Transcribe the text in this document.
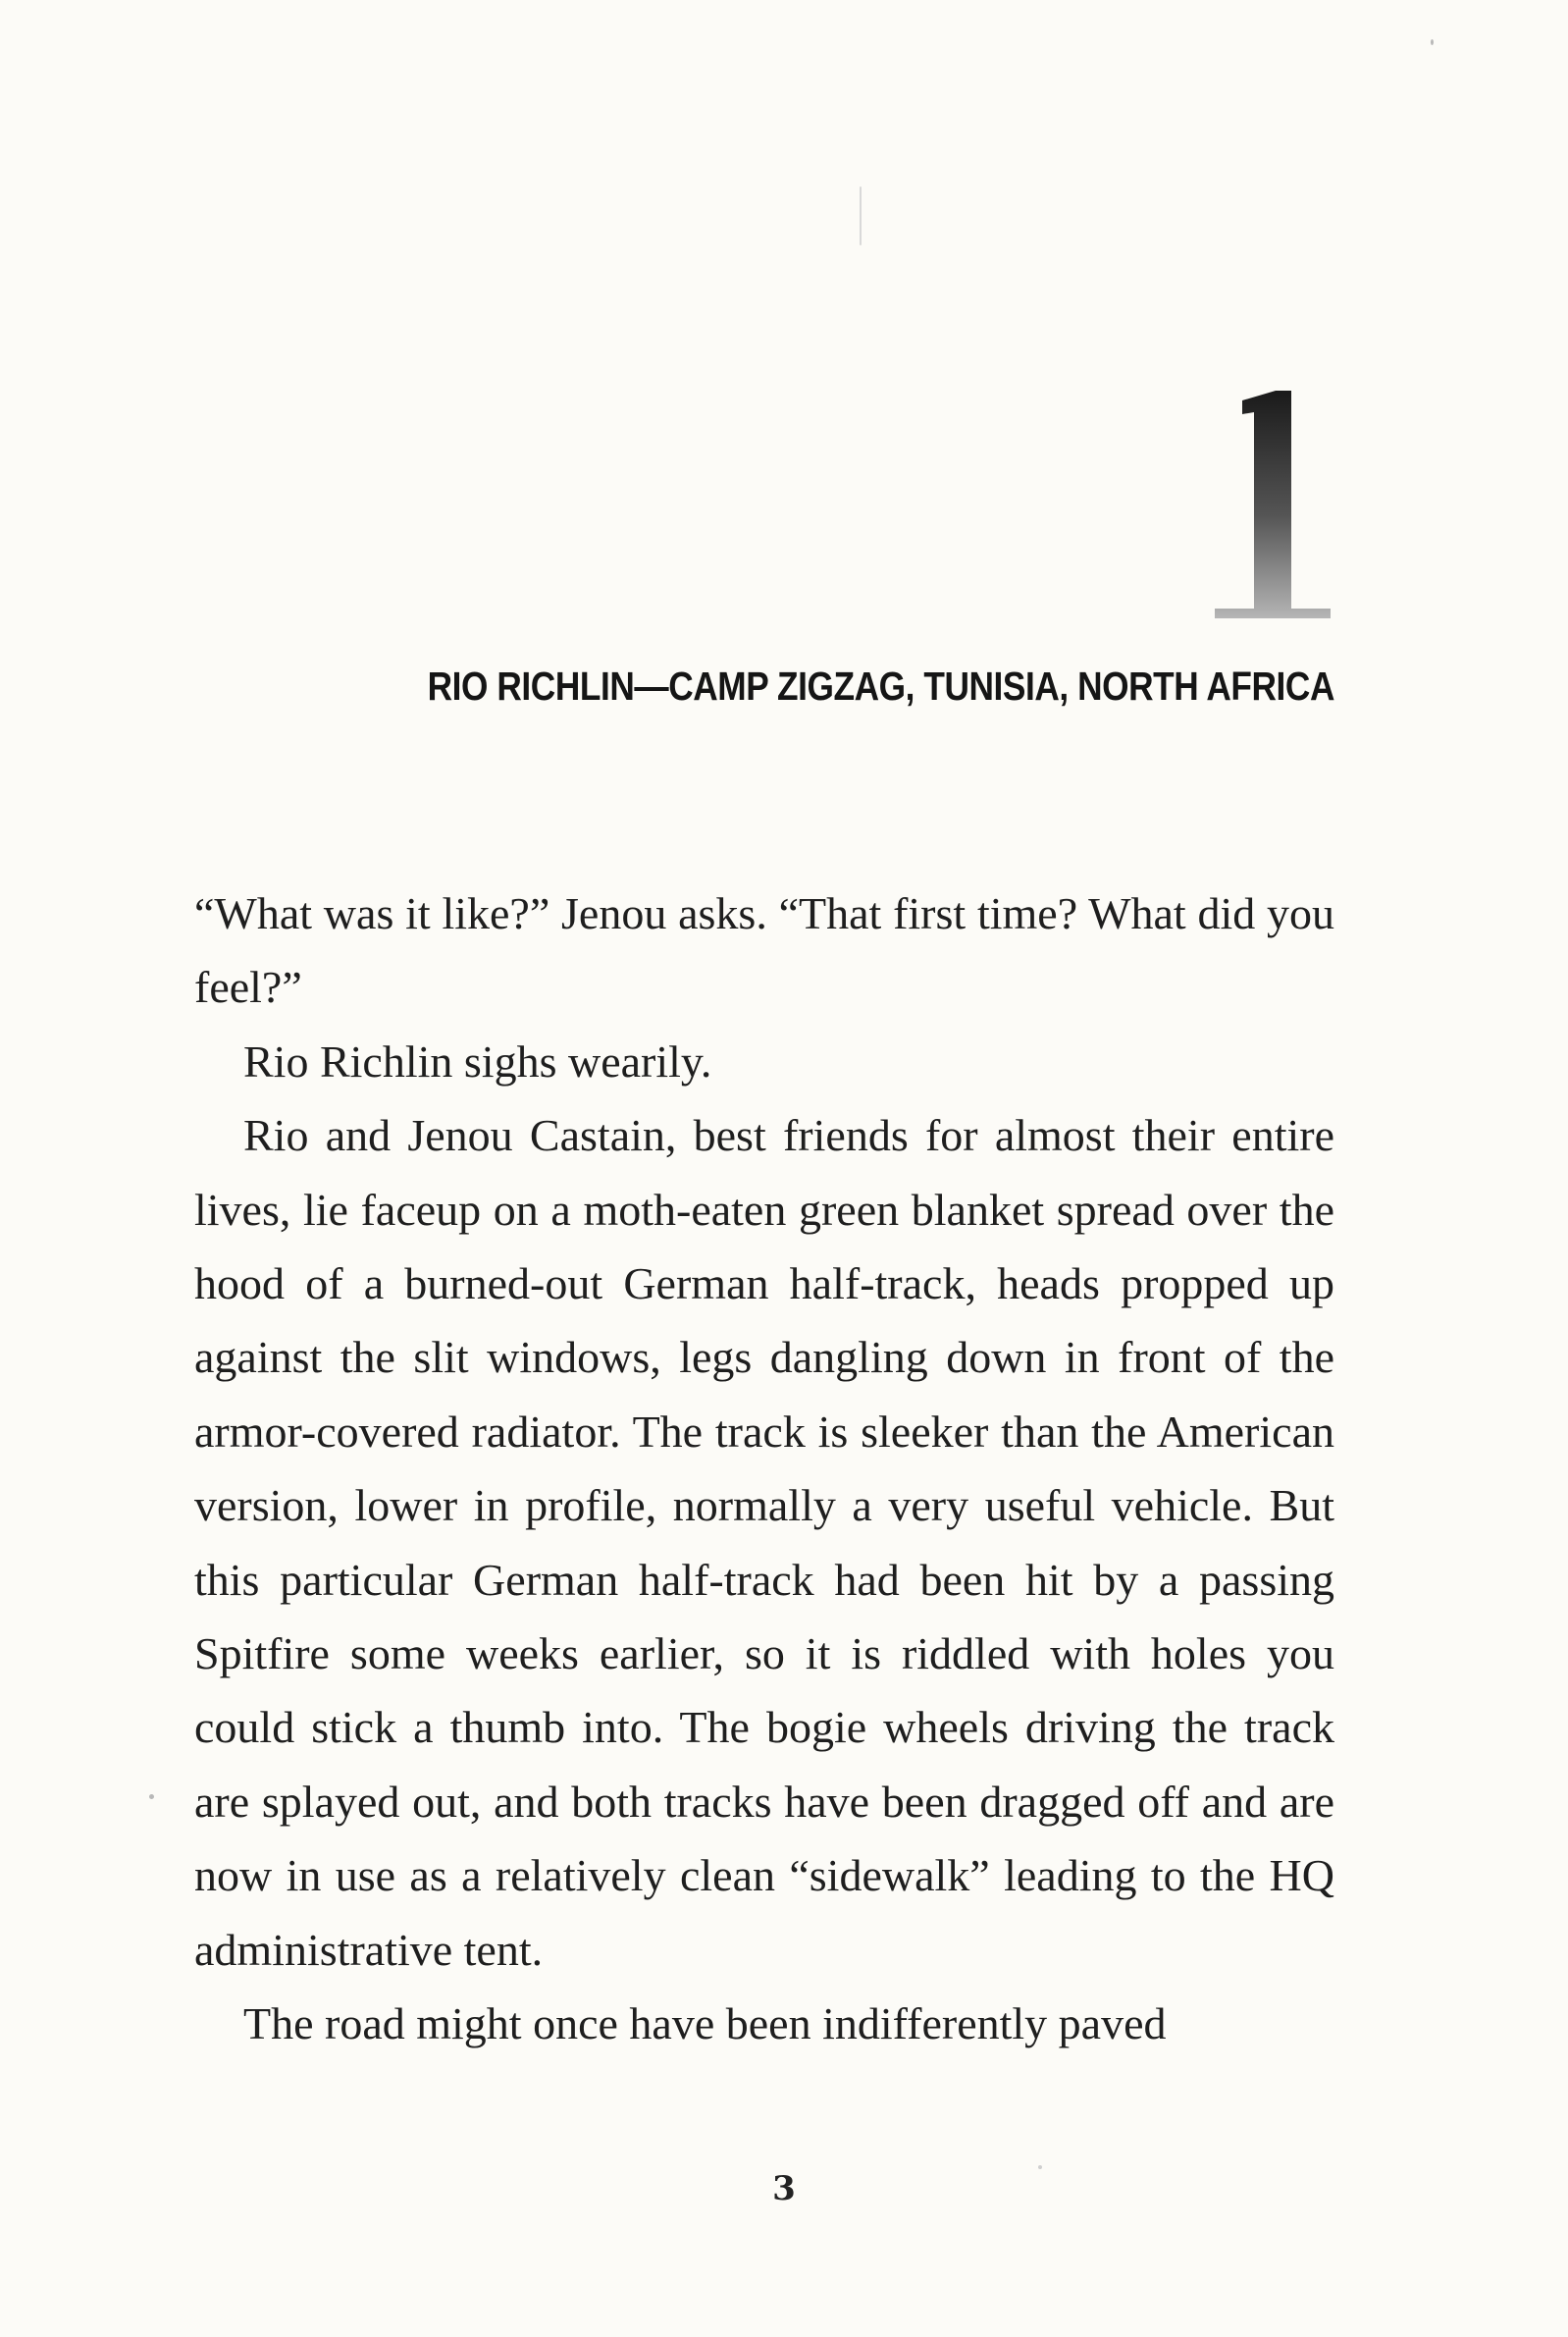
RIO RICHLIN—CAMP ZIGZAG, TUNISIA, NORTH AFRICA

“What was it like?” Jenou asks. “That first time? What did you feel?”

Rio Richlin sighs wearily.

Rio and Jenou Castain, best friends for almost their entire lives, lie faceup on a moth-eaten green blanket spread over the hood of a burned-out German half-track, heads propped up against the slit windows, legs dangling down in front of the armor-covered radiator. The track is sleeker than the American version, lower in profile, normally a very useful vehicle. But this particular German half-track had been hit by a passing Spitfire some weeks earlier, so it is riddled with holes you could stick a thumb into. The bogie wheels driving the track are splayed out, and both tracks have been dragged off and are now in use as a relatively clean “sidewalk” leading to the HQ administrative tent.

The road might once have been indifferently paved

3
